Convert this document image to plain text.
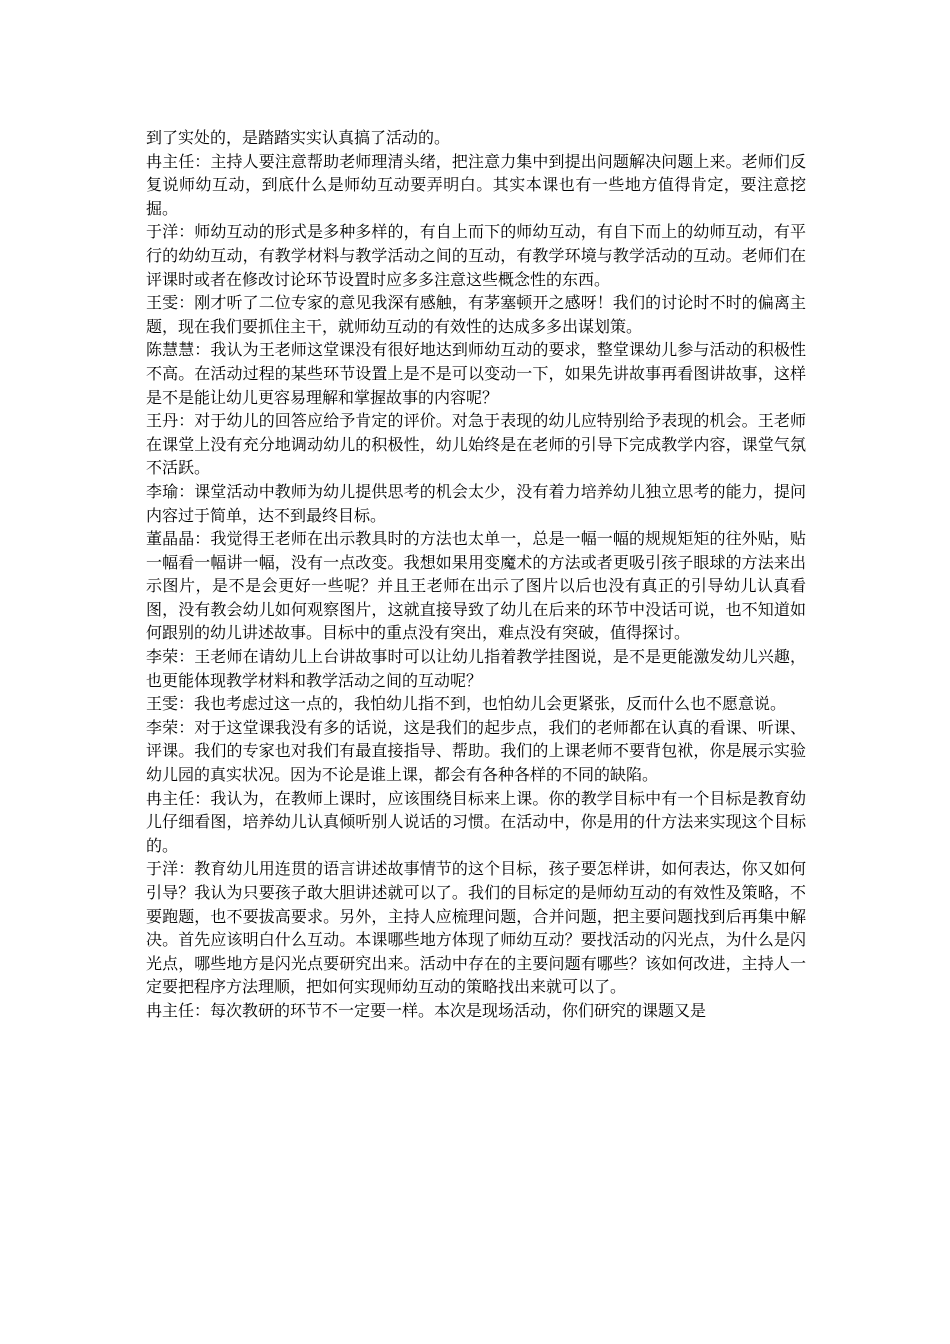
到了实处的，是踏踏实实认真搞了活动的。

冉主任：主持人要注意帮助老师理清头绪，把注意力集中到提出问题解决问题上来。老师们反复说师幼互动，到底什么是师幼互动要弄明白。其实本课也有一些地方值得肯定，要注意挖掘。

于洋：师幼互动的形式是多种多样的，有自上而下的师幼互动，有自下而上的幼师互动，有平行的幼幼互动，有教学材料与教学活动之间的互动，有教学环境与教学活动的互动。老师们在评课时或者在修改讨论环节设置时应多多注意这些概念性的东西。

王雯：刚才听了二位专家的意见我深有感触，有茅塞顿开之感呀！我们的讨论时不时的偏离主题，现在我们要抓住主干，就师幼互动的有效性的达成多多出谋划策。

陈慧慧：我认为王老师这堂课没有很好地达到师幼互动的要求，整堂课幼儿参与活动的积极性不高。在活动过程的某些环节设置上是不是可以变动一下，如果先讲故事再看图讲故事，这样是不是能让幼儿更容易理解和掌握故事的内容呢？

王丹：对于幼儿的回答应给予肯定的评价。对急于表现的幼儿应特别给予表现的机会。王老师在课堂上没有充分地调动幼儿的积极性，幼儿始终是在老师的引导下完成教学内容，课堂气氛不活跃。

李瑜：课堂活动中教师为幼儿提供思考的机会太少，没有着力培养幼儿独立思考的能力，提问内容过于简单，达不到最终目标。

董晶晶：我觉得王老师在出示教具时的方法也太单一，总是一幅一幅的规规矩矩的往外贴，贴一幅看一幅讲一幅，没有一点改变。我想如果用变魔术的方法或者更吸引孩子眼球的方法来出示图片，是不是会更好一些呢？并且王老师在出示了图片以后也没有真正的引导幼儿认真看图，没有教会幼儿如何观察图片，这就直接导致了幼儿在后来的环节中没话可说，也不知道如何跟别的幼儿讲述故事。目标中的重点没有突出，难点没有突破，值得探讨。

李荣：王老师在请幼儿上台讲故事时可以让幼儿指着教学挂图说，是不是更能激发幼儿兴趣，也更能体现教学材料和教学活动之间的互动呢？

王雯：我也考虑过这一点的，我怕幼儿指不到，也怕幼儿会更紧张，反而什么也不愿意说。

李荣：对于这堂课我没有多的话说，这是我们的起步点，我们的老师都在认真的看课、听课、评课。我们的专家也对我们有最直接指导、帮助。我们的上课老师不要背包袱，你是展示实验幼儿园的真实状况。因为不论是谁上课，都会有各种各样的不同的缺陷。

冉主任：我认为，在教师上课时，应该围绕目标来上课。你的教学目标中有一个目标是教育幼儿仔细看图，培养幼儿认真倾听别人说话的习惯。在活动中，你是用的什方法来实现这个目标的。

于洋：教育幼儿用连贯的语言讲述故事情节的这个目标，孩子要怎样讲，如何表达，你又如何引导？我认为只要孩子敢大胆讲述就可以了。我们的目标定的是师幼互动的有效性及策略，不要跑题，也不要拔高要求。另外，主持人应梳理问题，合并问题，把主要问题找到后再集中解决。首先应该明白什么互动。本课哪些地方体现了师幼互动？要找活动的闪光点，为什么是闪光点，哪些地方是闪光点要研究出来。活动中存在的主要问题有哪些？该如何改进，主持人一定要把程序方法理顺，把如何实现师幼互动的策略找出来就可以了。

冉主任：每次教研的环节不一定要一样。本次是现场活动，你们研究的课题又是
